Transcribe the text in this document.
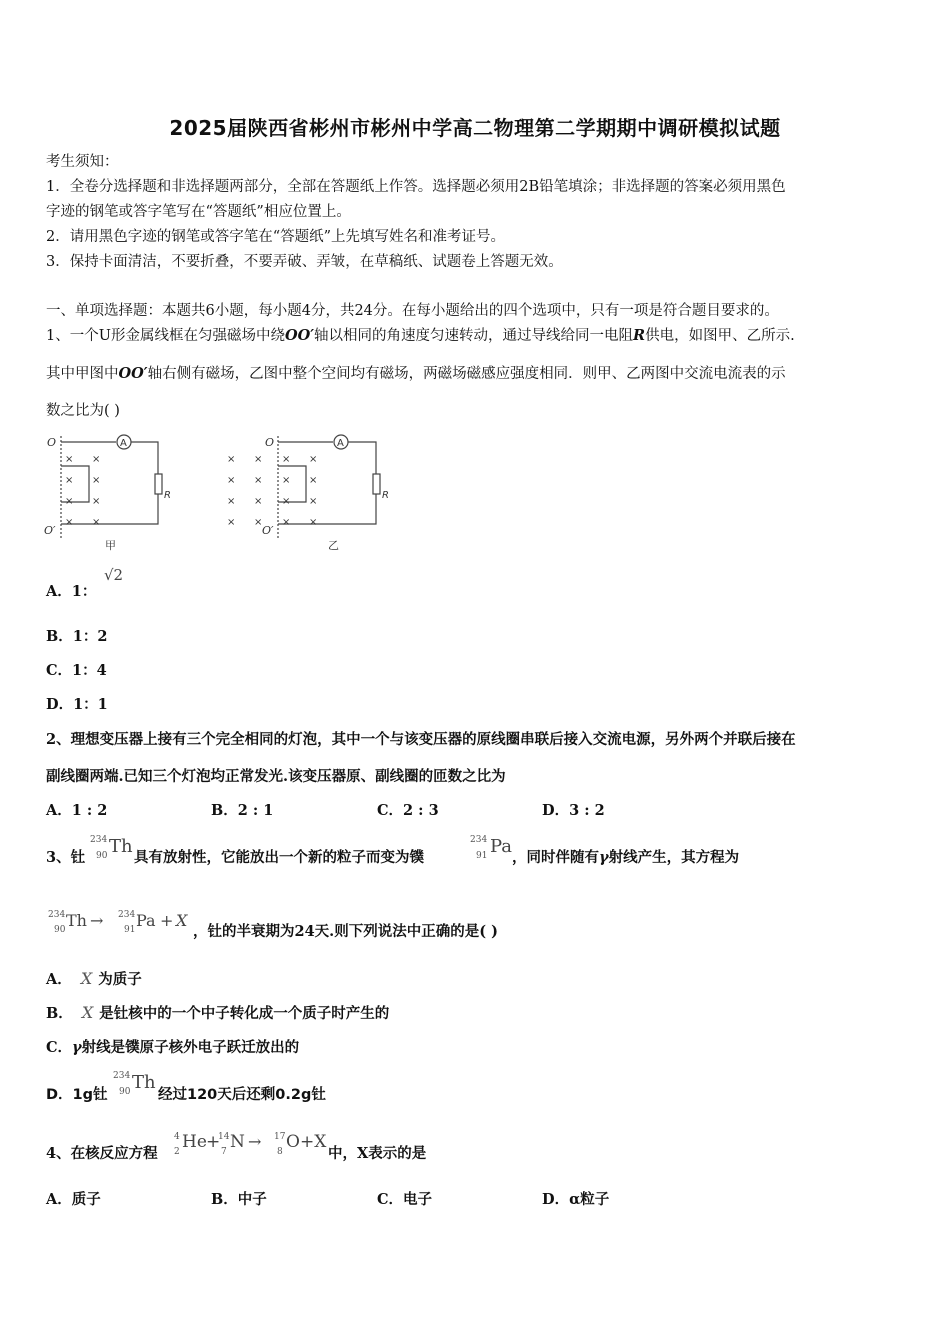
2025届陕西省彬州市彬州中学高二物理第二学期期中调研模拟试题
考生须知：
1．全卷分选择题和非选择题两部分，全部在答题纸上作答。选择题必须用2B铅笔填涂；非选择题的答案必须用黑色
字迹的钢笔或答字笔写在“答题纸”相应位置上。
2．请用黑色字迹的钢笔或答字笔在“答题纸”上先填写姓名和准考证号。
3．保持卡面清洁，不要折叠，不要弄破、弄皱，在草稿纸、试题卷上答题无效。
一、单项选择题：本题共6小题，每小题4分，共24分。在每小题给出的四个选项中，只有一项是符合题目要求的。
1、一个U形金属线框在匀强磁场中绕OO′轴以相同的角速度匀速转动，通过导线给同一电阻R供电，如图甲、乙所示.
其中甲图中OO′轴右侧有磁场，乙图中整个空间均有磁场，两磁场磁感应强度相同．则甲、乙两图中交流电流表的示
数之比为( )
O
O′
A
R
×
×
×
×
×
×
×
×
甲
O
O′
A
R
×
×
×
×
×
×
×
×
×
×
×
×
×
×
×
×
乙
A．1：
√2
B．1：2
C．1：4
D．1：1
2、理想变压器上接有三个完全相同的灯泡，其中一个与该变压器的原线圈串联后接入交流电源，另外两个并联后接在
副线圈两端.已知三个灯泡均正常发光.该变压器原、副线圈的匝数之比为
A．1 : 2	B．2 : 1	C．2 : 3	D．3 : 2
3、钍
234
90 Th
具有放射性，它能放出一个新的粒子而变为镤
234
91 Pa
，同时伴随有γ射线产生，其方程为
234
90 Th → 234
91 Pa + X
，钍的半衰期为24天.则下列说法中正确的是( )
A． X 为质子
B． X 是钍核中的一个中子转化成一个质子时产生的
C．γ射线是镤原子核外电子跃迁放出的
D．1g钍
234
90 Th
经过120天后还剩0.2g钍
4、在核反应方程
4
2 He +
14
7 N → 17
8 O +X
中，X表示的是
A．质子	B．中子	C．电子	D．α粒子
